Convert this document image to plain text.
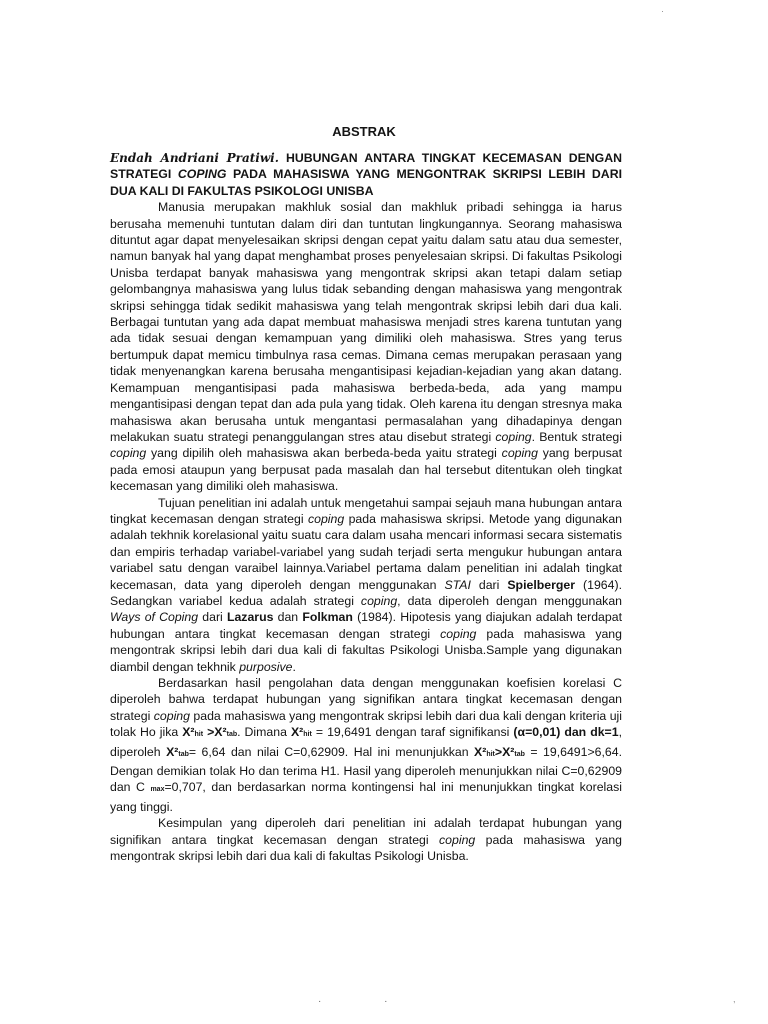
ABSTRAK

Endah Andriani Pratiwi. HUBUNGAN ANTARA TINGKAT KECEMASAN DENGAN STRATEGI COPING PADA MAHASISWA YANG MENGONTRAK SKRIPSI LEBIH DARI DUA KALI DI FAKULTAS PSIKOLOGI UNISBA

Manusia merupakan makhluk sosial dan makhluk pribadi sehingga ia harus berusaha memenuhi tuntutan dalam diri dan tuntutan lingkungannya. Seorang mahasiswa dituntut agar dapat menyelesaikan skripsi dengan cepat yaitu dalam satu atau dua semester, namun banyak hal yang dapat menghambat proses penyelesaian skripsi. Di fakultas Psikologi Unisba terdapat banyak mahasiswa yang mengontrak skripsi akan tetapi dalam setiap gelombangnya mahasiswa yang lulus tidak sebanding dengan mahasiswa yang mengontrak skripsi sehingga tidak sedikit mahasiswa yang telah mengontrak skripsi lebih dari dua kali. Berbagai tuntutan yang ada dapat membuat mahasiswa menjadi stres karena tuntutan yang ada tidak sesuai dengan kemampuan yang dimiliki oleh mahasiswa. Stres yang terus bertumpuk dapat memicu timbulnya rasa cemas. Dimana cemas merupakan perasaan yang tidak menyenangkan karena berusaha mengantisipasi kejadian-kejadian yang akan datang. Kemampuan mengantisipasi pada mahasiswa berbeda-beda, ada yang mampu mengantisipasi dengan tepat dan ada pula yang tidak. Oleh karena itu dengan stresnya maka mahasiswa akan berusaha untuk mengantasi permasalahan yang dihadapinya dengan melakukan suatu strategi penanggulangan stres atau disebut strategi coping. Bentuk strategi coping yang dipilih oleh mahasiswa akan berbeda-beda yaitu strategi coping yang berpusat pada emosi ataupun yang berpusat pada masalah dan hal tersebut ditentukan oleh tingkat kecemasan yang dimiliki oleh mahasiswa.

Tujuan penelitian ini adalah untuk mengetahui sampai sejauh mana hubungan antara tingkat kecemasan dengan strategi coping pada mahasiswa skripsi. Metode yang digunakan adalah tekhnik korelasional yaitu suatu cara dalam usaha mencari informasi secara sistematis dan empiris terhadap variabel-variabel yang sudah terjadi serta mengukur hubungan antara variabel satu dengan varaibel lainnya.Variabel pertama dalam penelitian ini adalah tingkat kecemasan, data yang diperoleh dengan menggunakan STAI dari Spielberger (1964). Sedangkan variabel kedua adalah strategi coping, data diperoleh dengan menggunakan Ways of Coping dari Lazarus dan Folkman (1984). Hipotesis yang diajukan adalah terdapat hubungan antara tingkat kecemasan dengan strategi coping pada mahasiswa yang mengontrak skripsi lebih dari dua kali di fakultas Psikologi Unisba.Sample yang digunakan diambil dengan tekhnik purposive.

Berdasarkan hasil pengolahan data dengan menggunakan koefisien korelasi C diperoleh bahwa terdapat hubungan yang signifikan antara tingkat kecemasan dengan strategi coping pada mahasiswa yang mengontrak skripsi lebih dari dua kali dengan kriteria uji tolak Ho jika X²hit >X²tab. Dimana X²hit = 19,6491 dengan taraf signifikansi (α=0,01) dan dk=1, diperoleh X²tab= 6,64 dan nilai C=0,62909. Hal ini menunjukkan X²hit>X²tab = 19,6491>6,64. Dengan demikian tolak Ho dan terima H1. Hasil yang diperoleh menunjukkan nilai C=0,62909 dan C max=0,707, dan berdasarkan norma kontingensi hal ini menunjukkan tingkat korelasi yang tinggi.

Kesimpulan yang diperoleh dari penelitian ini adalah terdapat hubungan yang signifikan antara tingkat kecemasan dengan strategi coping pada mahasiswa yang mengontrak skripsi lebih dari dua kali di fakultas Psikologi Unisba.

· ·
·
,
